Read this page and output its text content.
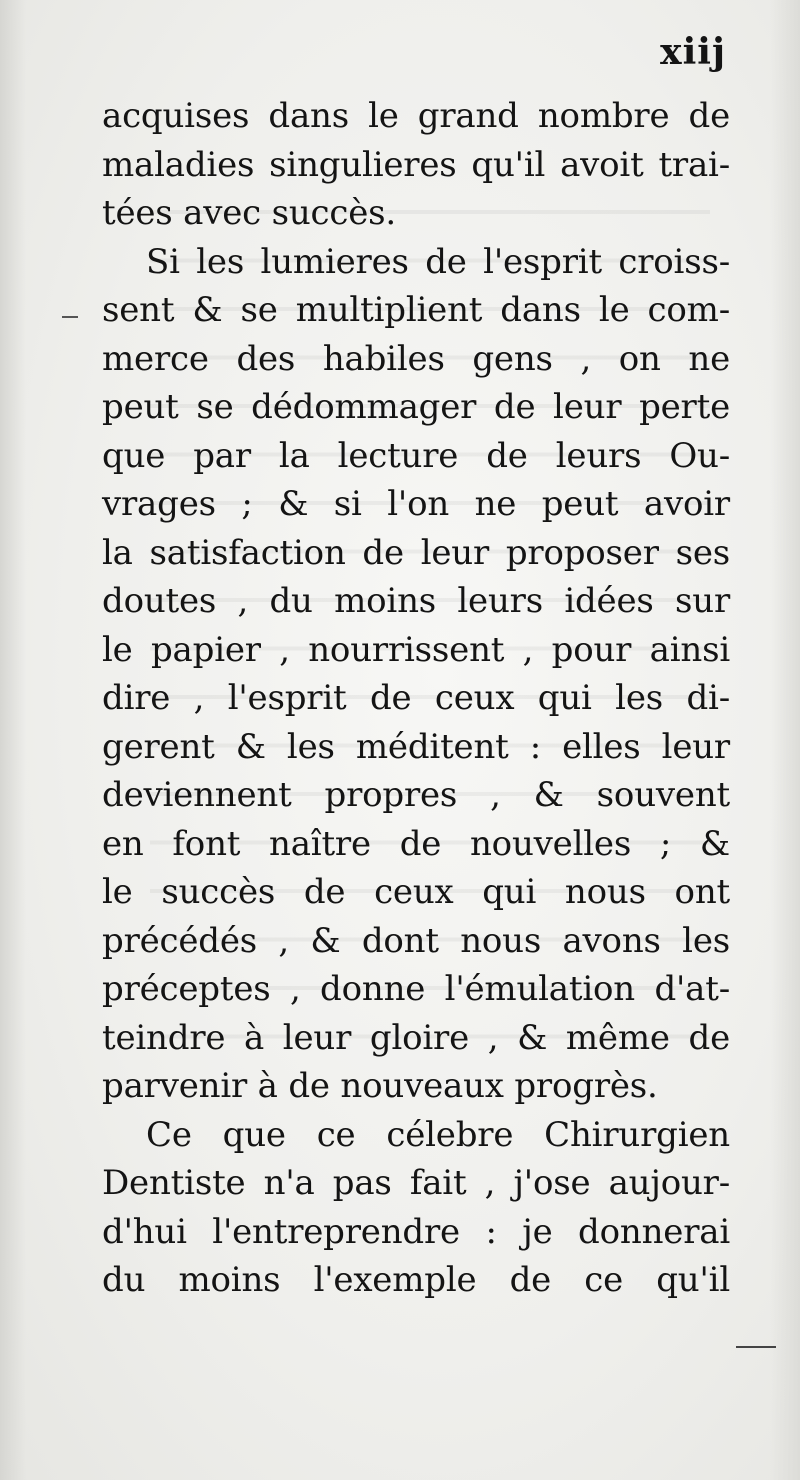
xiij
acquises dans le grand nombre de
maladies singulieres qu'il avoit trai-
tées avec succès.
Si les lumieres de l'esprit croiss-
sent & se multiplient dans le com-
merce des habiles gens , on ne
peut se dédommager de leur perte
que par la lecture de leurs Ou-
vrages ; & si l'on ne peut avoir
la satisfaction de leur proposer ses
doutes , du moins leurs idées sur
le papier , nourrissent , pour ainsi
dire , l'esprit de ceux qui les di-
gerent & les méditent : elles leur
deviennent propres , & souvent
en font naître de nouvelles ; &
le succès de ceux qui nous ont
précédés , & dont nous avons les
préceptes , donne l'émulation d'at-
teindre à leur gloire , & même de
parvenir à de nouveaux progrès.
Ce que ce célebre Chirurgien
Dentiste n'a pas fait , j'ose aujour-
d'hui l'entreprendre : je donnerai
du moins l'exemple de ce qu'il
